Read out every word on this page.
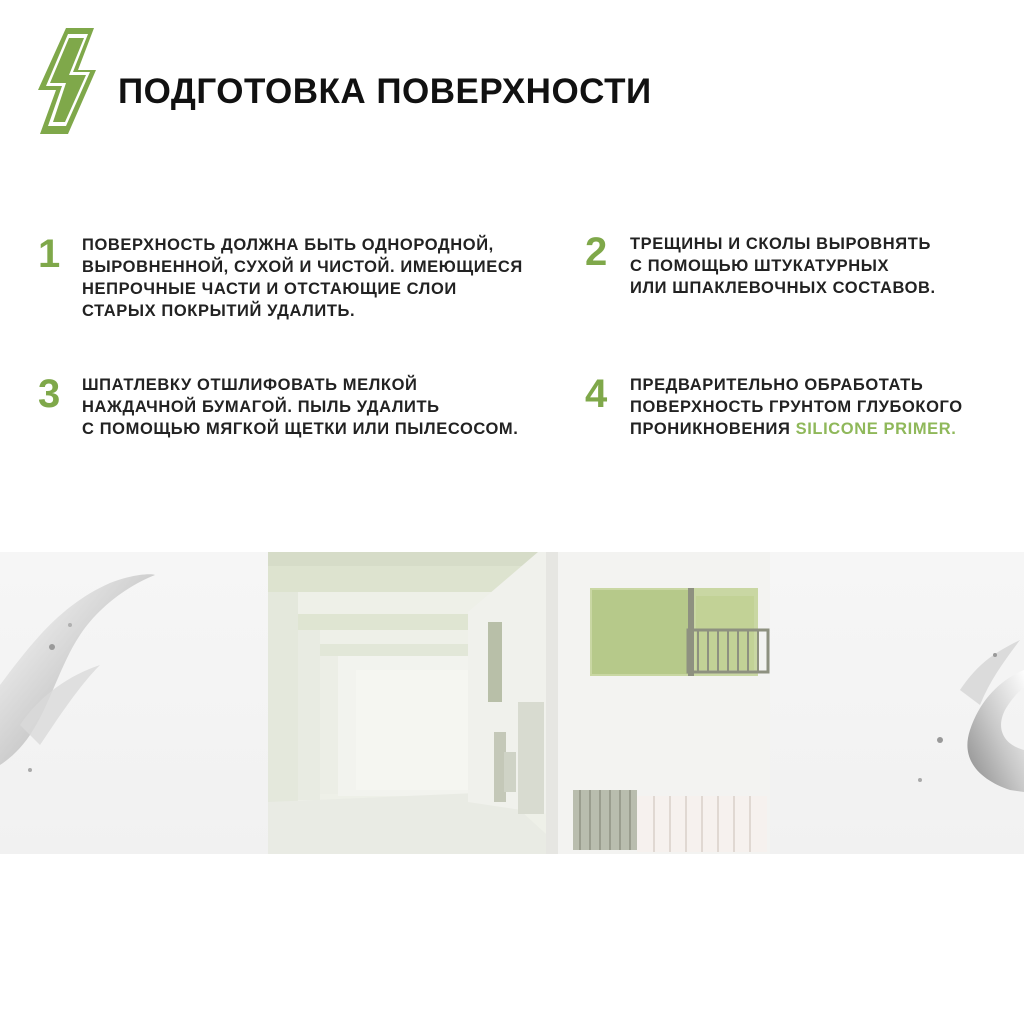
ПОДГОТОВКА ПОВЕРХНОСТИ
1 ПОВЕРХНОСТЬ ДОЛЖНА БЫТЬ ОДНОРОДНОЙ,
ВЫРОВНЕННОЙ, СУХОЙ И ЧИСТОЙ. ИМЕЮЩИЕСЯ
НЕПРОЧНЫЕ ЧАСТИ И ОТСТАЮЩИЕ СЛОИ
СТАРЫХ ПОКРЫТИЙ УДАЛИТЬ.
2 ТРЕЩИНЫ И СКОЛЫ ВЫРОВНЯТЬ
С ПОМОЩЬЮ ШТУКАТУРНЫХ
ИЛИ ШПАКЛЕВОЧНЫХ СОСТАВОВ.
3 ШПАТЛЕВКУ ОТШЛИФОВАТЬ МЕЛКОЙ
НАЖДАЧНОЙ БУМАГОЙ. ПЫЛЬ УДАЛИТЬ
С ПОМОЩЬЮ МЯГКОЙ ЩЕТКИ ИЛИ ПЫЛЕСОСОМ.
4 ПРЕДВАРИТЕЛЬНО ОБРАБОТАТЬ
ПОВЕРХНОСТЬ ГРУНТОМ ГЛУБОКОГО
ПРОНИКНОВЕНИЯ SILICONE PRIMER.
